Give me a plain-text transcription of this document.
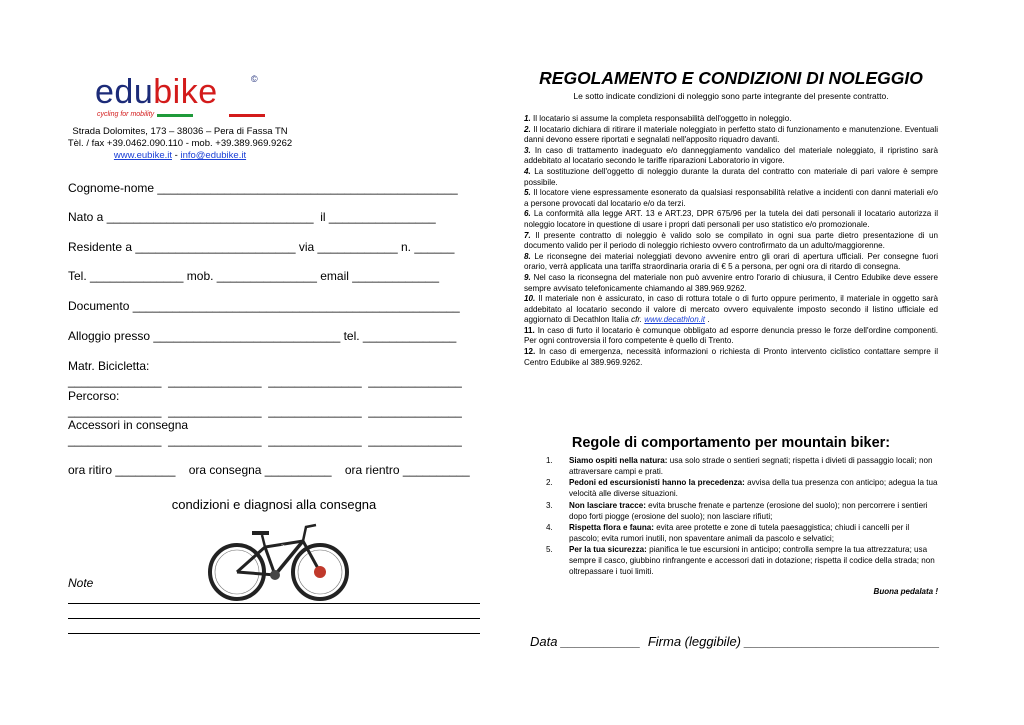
edubike	©
cycling for mobility
Strada Dolomites, 173 – 38036 – Pera di Fassa TN
Tèl. / fax +39.0462.090.110 - mob. +39.389.969.9262
www.eubike.it - info@edubike.it
Cognome-nome _____________________________________________
Nato a _______________________________  il ________________
Residente a ________________________ via ____________ n. ______
Tel. ______________ mob. _______________ email _____________
Documento _________________________________________________
Alloggio presso ____________________________ tel. ______________
Matr. Bicicletta:
______________  ______________  ______________  ______________
Percorso:
______________  ______________  ______________  ______________
Accessori in consegna
______________  ______________  ______________  ______________
ora ritiro _________    ora consegna __________    ora rientro __________
condizioni e diagnosi alla consegna
~
Note
REGOLAMENTO E CONDIZIONI DI NOLEGGIO
Le sotto indicate condizioni di noleggio sono parte integrante del presente contratto.

1. Il locatario si assume la completa responsabilità dell'oggetto in noleggio.

2. Il locatario dichiara di ritirare il materiale noleggiato in perfetto stato di funzionamento e manutenzione. Eventuali danni devono essere riportati e segnalati nell'apposito riquadro davanti.

3. In caso di trattamento inadeguato e/o danneggiamento vandalico del materiale noleggiato, il ripristino sarà addebitato al locatario secondo le tariffe riparazioni Laboratorio in vigore.

4. La sostituzione dell'oggetto di noleggio durante la durata del contratto con materiale di pari valore è sempre possibile.

5. Il locatore viene espressamente esonerato da qualsiasi responsabilità relative a incidenti con danni materiali e/o a persone provocati dal locatario e/o da terzi.

6. La conformità alla legge ART. 13 e ART.23, DPR 675/96 per la tutela dei dati personali il locatario autorizza il noleggio locatore in questione di usare i propri dati personali per uso statistico e/o promozionale.

7. Il presente contratto di noleggio è valido solo se compilato in ogni sua parte dietro presentazione di un documento valido per il periodo di noleggio richiesto ovvero controfirmato da un adulto/maggiorenne.

8. Le riconsegne dei materiai noleggiati devono avvenire entro gli orari di apertura ufficiali. Per consegne fuori orario, verrà applicata una tariffa straordinaria oraria di € 5 a persona, per ogni ora di ritardo di consegna.

9. Nel caso la riconsegna del materiale non può avvenire entro l'orario di chiusura, il Centro Edubike deve essere sempre avvisato telefonicamente chiamando al 389.969.9262.

10. Il materiale non è assicurato, in caso di rottura totale o di furto oppure perimento, il materiale in oggetto sarà addebitato al locatario secondo il valore di mercato ovvero equivalente imposto secondo il listino ufficiale ed aggiornato di Decathlon Italia cfr. www.decathlon.it .

11. In caso di furto il locatario è comunque obbligato ad esporre denuncia presso le forze dell'ordine componenti. Per ogni controversia il foro competente è quello di Trento.

12. In caso di emergenza, necessità informazioni o richiesta di Pronto intervento ciclistico contattare sempre il Centro Edubike al 389.969.9262.

Regole di comportamento per mountain biker:
1.	Siamo ospiti nella natura: usa solo strade o sentieri segnati; rispetta i divieti di passaggio locali; non attraversare campi e prati.
2.	Pedoni ed escursionisti hanno la precedenza: avvisa della tua presenza con anticipo; adegua la tua velocità alle diverse situazioni.
3.	Non lasciare tracce: evita brusche frenate e partenze (erosione del suolo); non percorrere i sentieri dopo forti piogge (erosione del suolo); non lasciare rifiuti;
4.	Rispetta flora e fauna: evita aree protette e zone di tutela paesaggistica; chiudi i cancelli per il pascolo; evita rumori inutili, non spaventare animali da pascolo e selvatici;
5.	Per la tua sicurezza: pianifica le tue escursioni in anticipo; controlla sempre la tua attrezzatura; usa sempre il casco, giubbino rinfrangente e accessori dati in dotazione; rispetta il codice della strada; non oltrepassare i tuoi limiti.
Buona pedalata !
Data ___________  Firma (leggibile) ___________________________
